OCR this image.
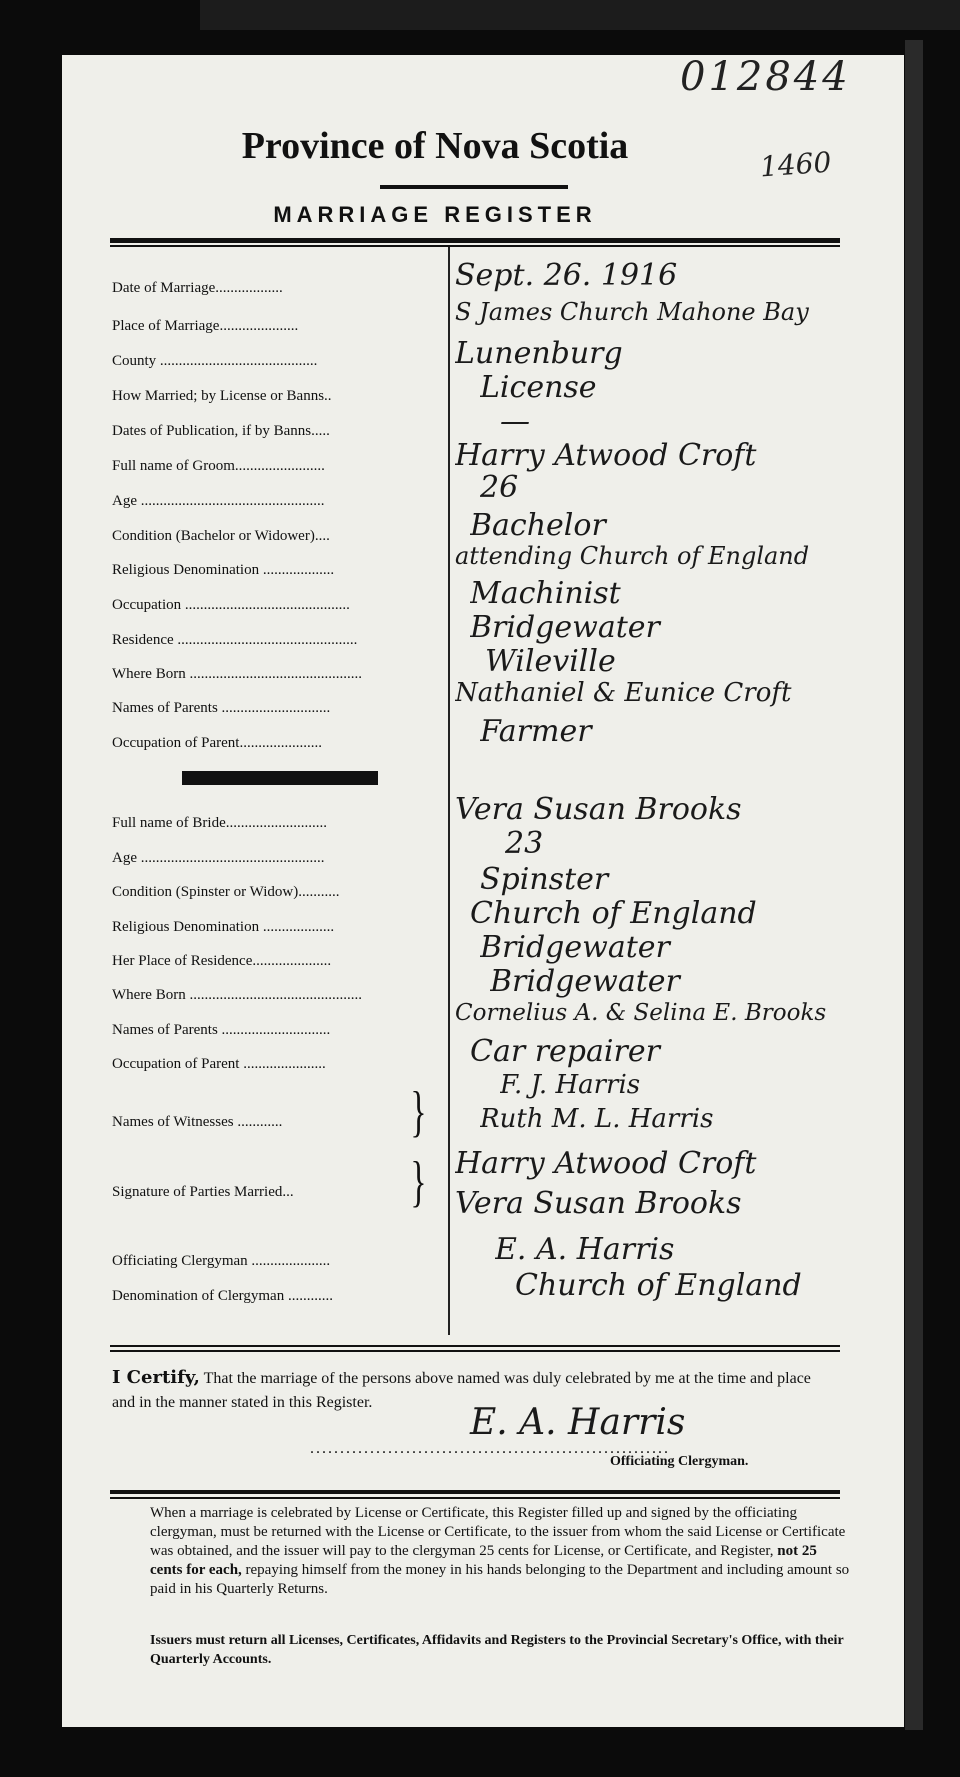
012844
1460
Province of Nova Scotia
MARRIAGE REGISTER
Date of Marriage..................	Sept. 26. 1916
Place of Marriage.....................	S James Church Mahone Bay
County ..........................................	Lunenburg
How Married; by License or Banns..	License
Dates of Publication, if by Banns.....	—
Full name of Groom........................	Harry Atwood Croft
Age .................................................	26
Condition (Bachelor or Widower)....	Bachelor
Religious Denomination ...................	attending Church of England
Occupation ............................................	Machinist
Residence ................................................	Bridgewater
Where Born ..............................................	Wileville
Names of Parents .............................	Nathaniel & Eunice Croft
Occupation of Parent......................	Farmer
Full name of Bride...........................	Vera Susan Brooks
Age .................................................	23
Condition (Spinster or Widow)...........	Spinster
Religious Denomination ...................	Church of England
Her Place of Residence.....................	Bridgewater
Where Born ..............................................	Bridgewater
Names of Parents .............................
Cornelius A. & Selina E. Brooks
Occupation of Parent ......................	Car repairer
Names of Witnesses ............	}	F. J. Harris
Ruth M. L. Harris
Signature of Parties Married...	} Harry Atwood Croft
Vera Susan Brooks
Officiating Clergyman .....................	E. A. Harris
Denomination of Clergyman ............	Church of England
I Certify, That the marriage of the persons above named was duly celebrated by me at the time and place and in the manner stated in this Register.
............................................................
E. A. Harris
Officiating Clergyman.
When a marriage is celebrated by License or Certificate, this Register filled up and signed by the officiating clergyman, must be returned with the License or Certificate, to the issuer from whom the said License or Certificate was obtained, and the issuer will pay to the clergyman 25 cents for License, or Certificate, and Register, not 25 cents for each, repaying himself from the money in his hands belonging to the Department and including amount so paid in his Quarterly Returns.
Issuers must return all Licenses, Certificates, Affidavits and Registers to the Provincial Secretary's Office, with their Quarterly Accounts.
